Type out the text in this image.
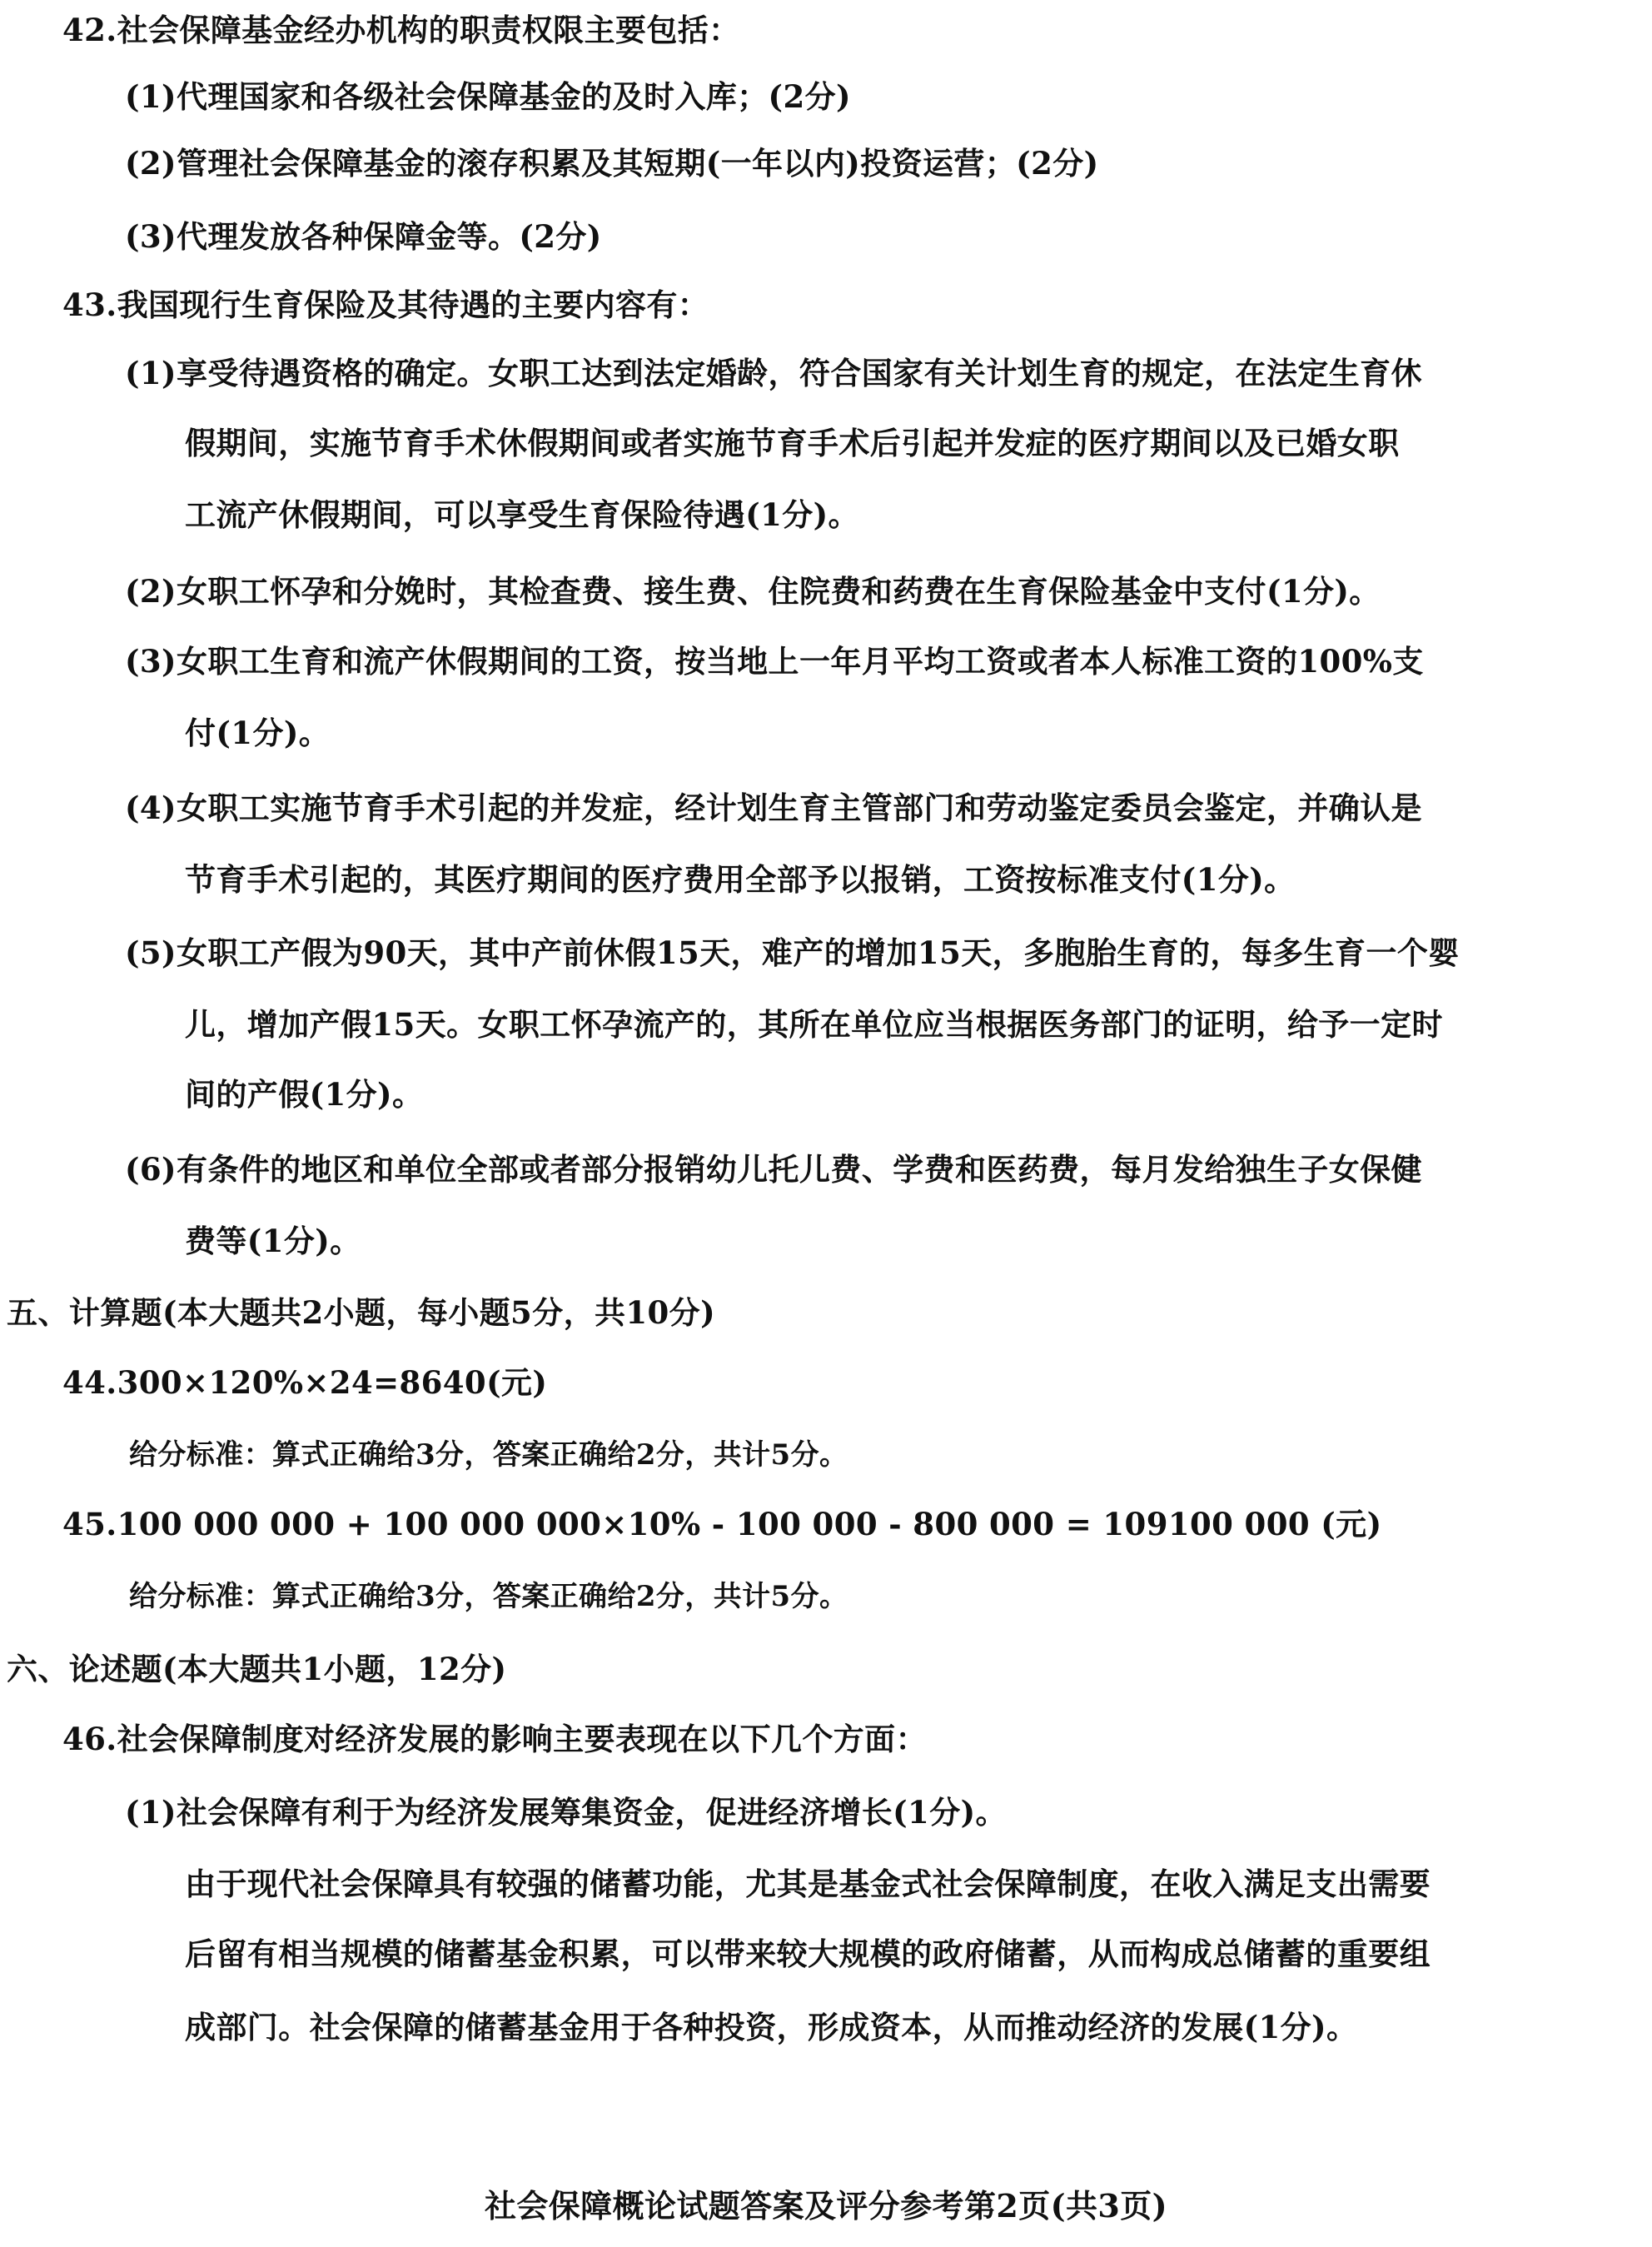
42.社会保障基金经办机构的职责权限主要包括：
(1)代理国家和各级社会保障基金的及时入库；(2分)
(2)管理社会保障基金的滚存积累及其短期(一年以内)投资运营；(2分)
(3)代理发放各种保障金等。(2分)
43.我国现行生育保险及其待遇的主要内容有：
(1)享受待遇资格的确定。女职工达到法定婚龄，符合国家有关计划生育的规定，在法定生育休
假期间，实施节育手术休假期间或者实施节育手术后引起并发症的医疗期间以及已婚女职
工流产休假期间，可以享受生育保险待遇(1分)。
(2)女职工怀孕和分娩时，其检查费、接生费、住院费和药费在生育保险基金中支付(1分)。
(3)女职工生育和流产休假期间的工资，按当地上一年月平均工资或者本人标准工资的100%支
付(1分)。
(4)女职工实施节育手术引起的并发症，经计划生育主管部门和劳动鉴定委员会鉴定，并确认是
节育手术引起的，其医疗期间的医疗费用全部予以报销，工资按标准支付(1分)。
(5)女职工产假为90天，其中产前休假15天，难产的增加15天，多胞胎生育的，每多生育一个婴
儿，增加产假15天。女职工怀孕流产的，其所在单位应当根据医务部门的证明，给予一定时
间的产假(1分)。
(6)有条件的地区和单位全部或者部分报销幼儿托儿费、学费和医药费，每月发给独生子女保健
费等(1分)。
五、计算题(本大题共2小题，每小题5分，共10分)
44.300×120%×24=8640(元)
给分标准：算式正确给3分，答案正确给2分，共计5分。
45.100 000 000 + 100 000 000×10% - 100 000 - 800 000 = 109100 000 (元)
给分标准：算式正确给3分，答案正确给2分，共计5分。
六、论述题(本大题共1小题，12分)
46.社会保障制度对经济发展的影响主要表现在以下几个方面：
(1)社会保障有利于为经济发展筹集资金，促进经济增长(1分)。
由于现代社会保障具有较强的储蓄功能，尤其是基金式社会保障制度，在收入满足支出需要
后留有相当规模的储蓄基金积累，可以带来较大规模的政府储蓄，从而构成总储蓄的重要组
成部门。社会保障的储蓄基金用于各种投资，形成资本，从而推动经济的发展(1分)。
社会保障概论试题答案及评分参考第2页(共3页)
